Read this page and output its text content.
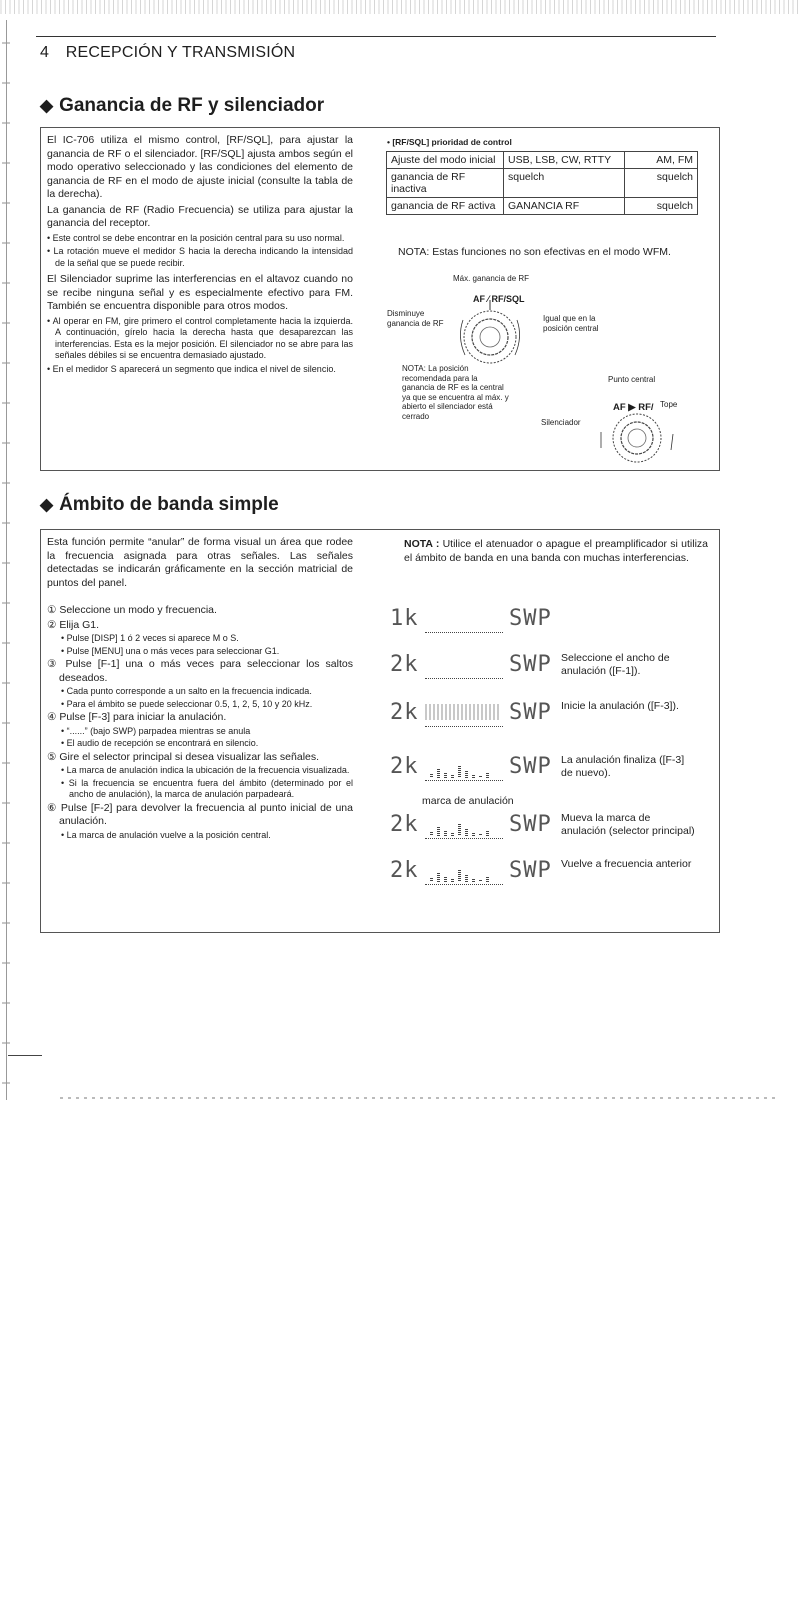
4 RECEPCIÓN Y TRANSMISIÓN
◆ Ganancia de RF y silenciador

El IC-706 utiliza el mismo control, [RF/SQL], para ajustar la ganancia de RF o el silenciador. [RF/SQL] ajusta ambos según el modo operativo seleccionado y las condiciones del elemento de ganancia de RF en el modo de ajuste inicial (consulte la tabla de la derecha).

La ganancia de RF (Radio Frecuencia) se utiliza para ajustar la ganancia del receptor.

• Este control se debe encontrar en la posición central para su uso normal.

• La rotación mueve el medidor S hacia la derecha indicando la intensidad de la señal que se puede recibir.

El Silenciador suprime las interferencias en el altavoz cuando no se recibe ninguna señal y es especialmente efectivo para FM. También se encuentra disponible para otros modos.

• Al operar en FM, gire primero el control completamente hacia la izquierda. A continuación, gírelo hacia la derecha hasta que desaparezcan las interferencias. Esta es la mejor posición. El silenciador no se abre para las señales débiles si se encuentra demasiado ajustado.

• En el medidor S aparecerá un segmento que indica el nivel de silencio.

• [RF/SQL] prioridad de control
Ajuste del modo inicial	USB, LSB, CW, RTTY	AM, FM
ganancia de RF inactiva	squelch	squelch
ganancia de RF activa	GANANCIA RF	squelch
NOTA: Estas funciones no son efectivas en el modo WFM.
Máx. ganancia de RF
AF ⁄ RF/SQL
Disminuye ganancia de RF	Igual que en la posición central
NOTA: La posición recomendada para la ganancia de RF es la central ya que se encuentra al máx. y abierto el silenciador está cerrado
Punto central
AF ▶ RF/ Tope
Silenciador
◆ Ámbito de banda simple

Esta función permite “anular” de forma visual un área que rodee la frecuencia asignada para otras señales. Las señales detectadas se indicarán gráficamente en la sección matricial de puntos del panel.

① Seleccione un modo y frecuencia.

② Elija G1.

• Pulse [DISP] 1 ó 2 veces si aparece M o S.

• Pulse [MENU] una o más veces para seleccionar G1.

③ Pulse [F-1] una o más veces para seleccionar los saltos deseados.

• Cada punto corresponde a un salto en la frecuencia indicada.

• Para el ámbito se puede seleccionar 0.5, 1, 2, 5, 10 y 20 kHz.

④ Pulse [F-3] para iniciar la anulación.

• “......” (bajo SWP) parpadea mientras se anula

• El audio de recepción se encontrará en silencio.

⑤ Gire el selector principal si desea visualizar las señales.

• La marca de anulación indica la ubicación de la frecuencia visualizada.

• Si la frecuencia se encuentra fuera del ámbito (determinado por el ancho de anulación), la marca de anulación parpadeará.

⑥ Pulse [F-2] para devolver la frecuencia al punto inicial de una anulación.

• La marca de anulación vuelve a la posición central.

NOTA : Utilice el atenuador o apague el preamplificador si utiliza el ámbito de banda en una banda con muchas interferencias.
1k	SWP
2k	SWP Seleccione el ancho de anulación ([F-1]).
2k	SWP Inicie la anulación ([F-3]).
2k	SWP La anulación finaliza ([F-3] de nuevo).
2k	SWP Mueva la marca de anulación (selector principal)
2k	SWP Vuelve a frecuencia anterior
marca de anulación
